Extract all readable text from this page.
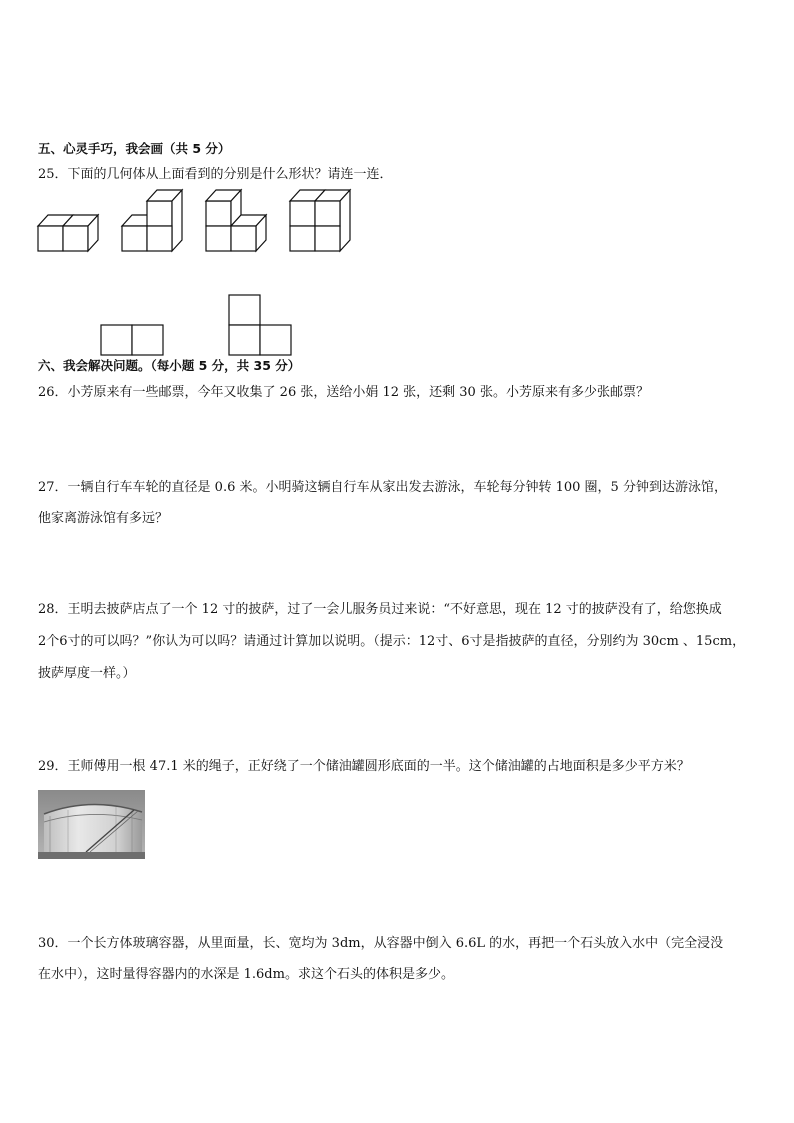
五、心灵手巧，我会画（共 5 分）
25．下面的几何体从上面看到的分别是什么形状？请连一连．
六、我会解决问题。（每小题 5 分，共 35 分）
26．小芳原来有一些邮票，今年又收集了 26 张，送给小娟 12 张，还剩 30 张。小芳原来有多少张邮票？
27．一辆自行车车轮的直径是 0.6 米。小明骑这辆自行车从家出发去游泳，车轮每分钟转 100 圈，5 分钟到达游泳馆，
他家离游泳馆有多远？
28．王明去披萨店点了一个 12 寸的披萨，过了一会儿服务员过来说：“不好意思，现在 12 寸的披萨没有了，给您换成
2个6寸的可以吗？”你认为可以吗？请通过计算加以说明。（提示：12寸、6寸是指披萨的直径，分别约为 30cm 、15cm，
披萨厚度一样。）
29．王师傅用一根 47.1 米的绳子，正好绕了一个储油罐圆形底面的一半。这个储油罐的占地面积是多少平方米？
30．一个长方体玻璃容器，从里面量，长、宽均为 3dm，从容器中倒入 6.6L 的水，再把一个石头放入水中（完全浸没
在水中），这时量得容器内的水深是 1.6dm。求这个石头的体积是多少。
